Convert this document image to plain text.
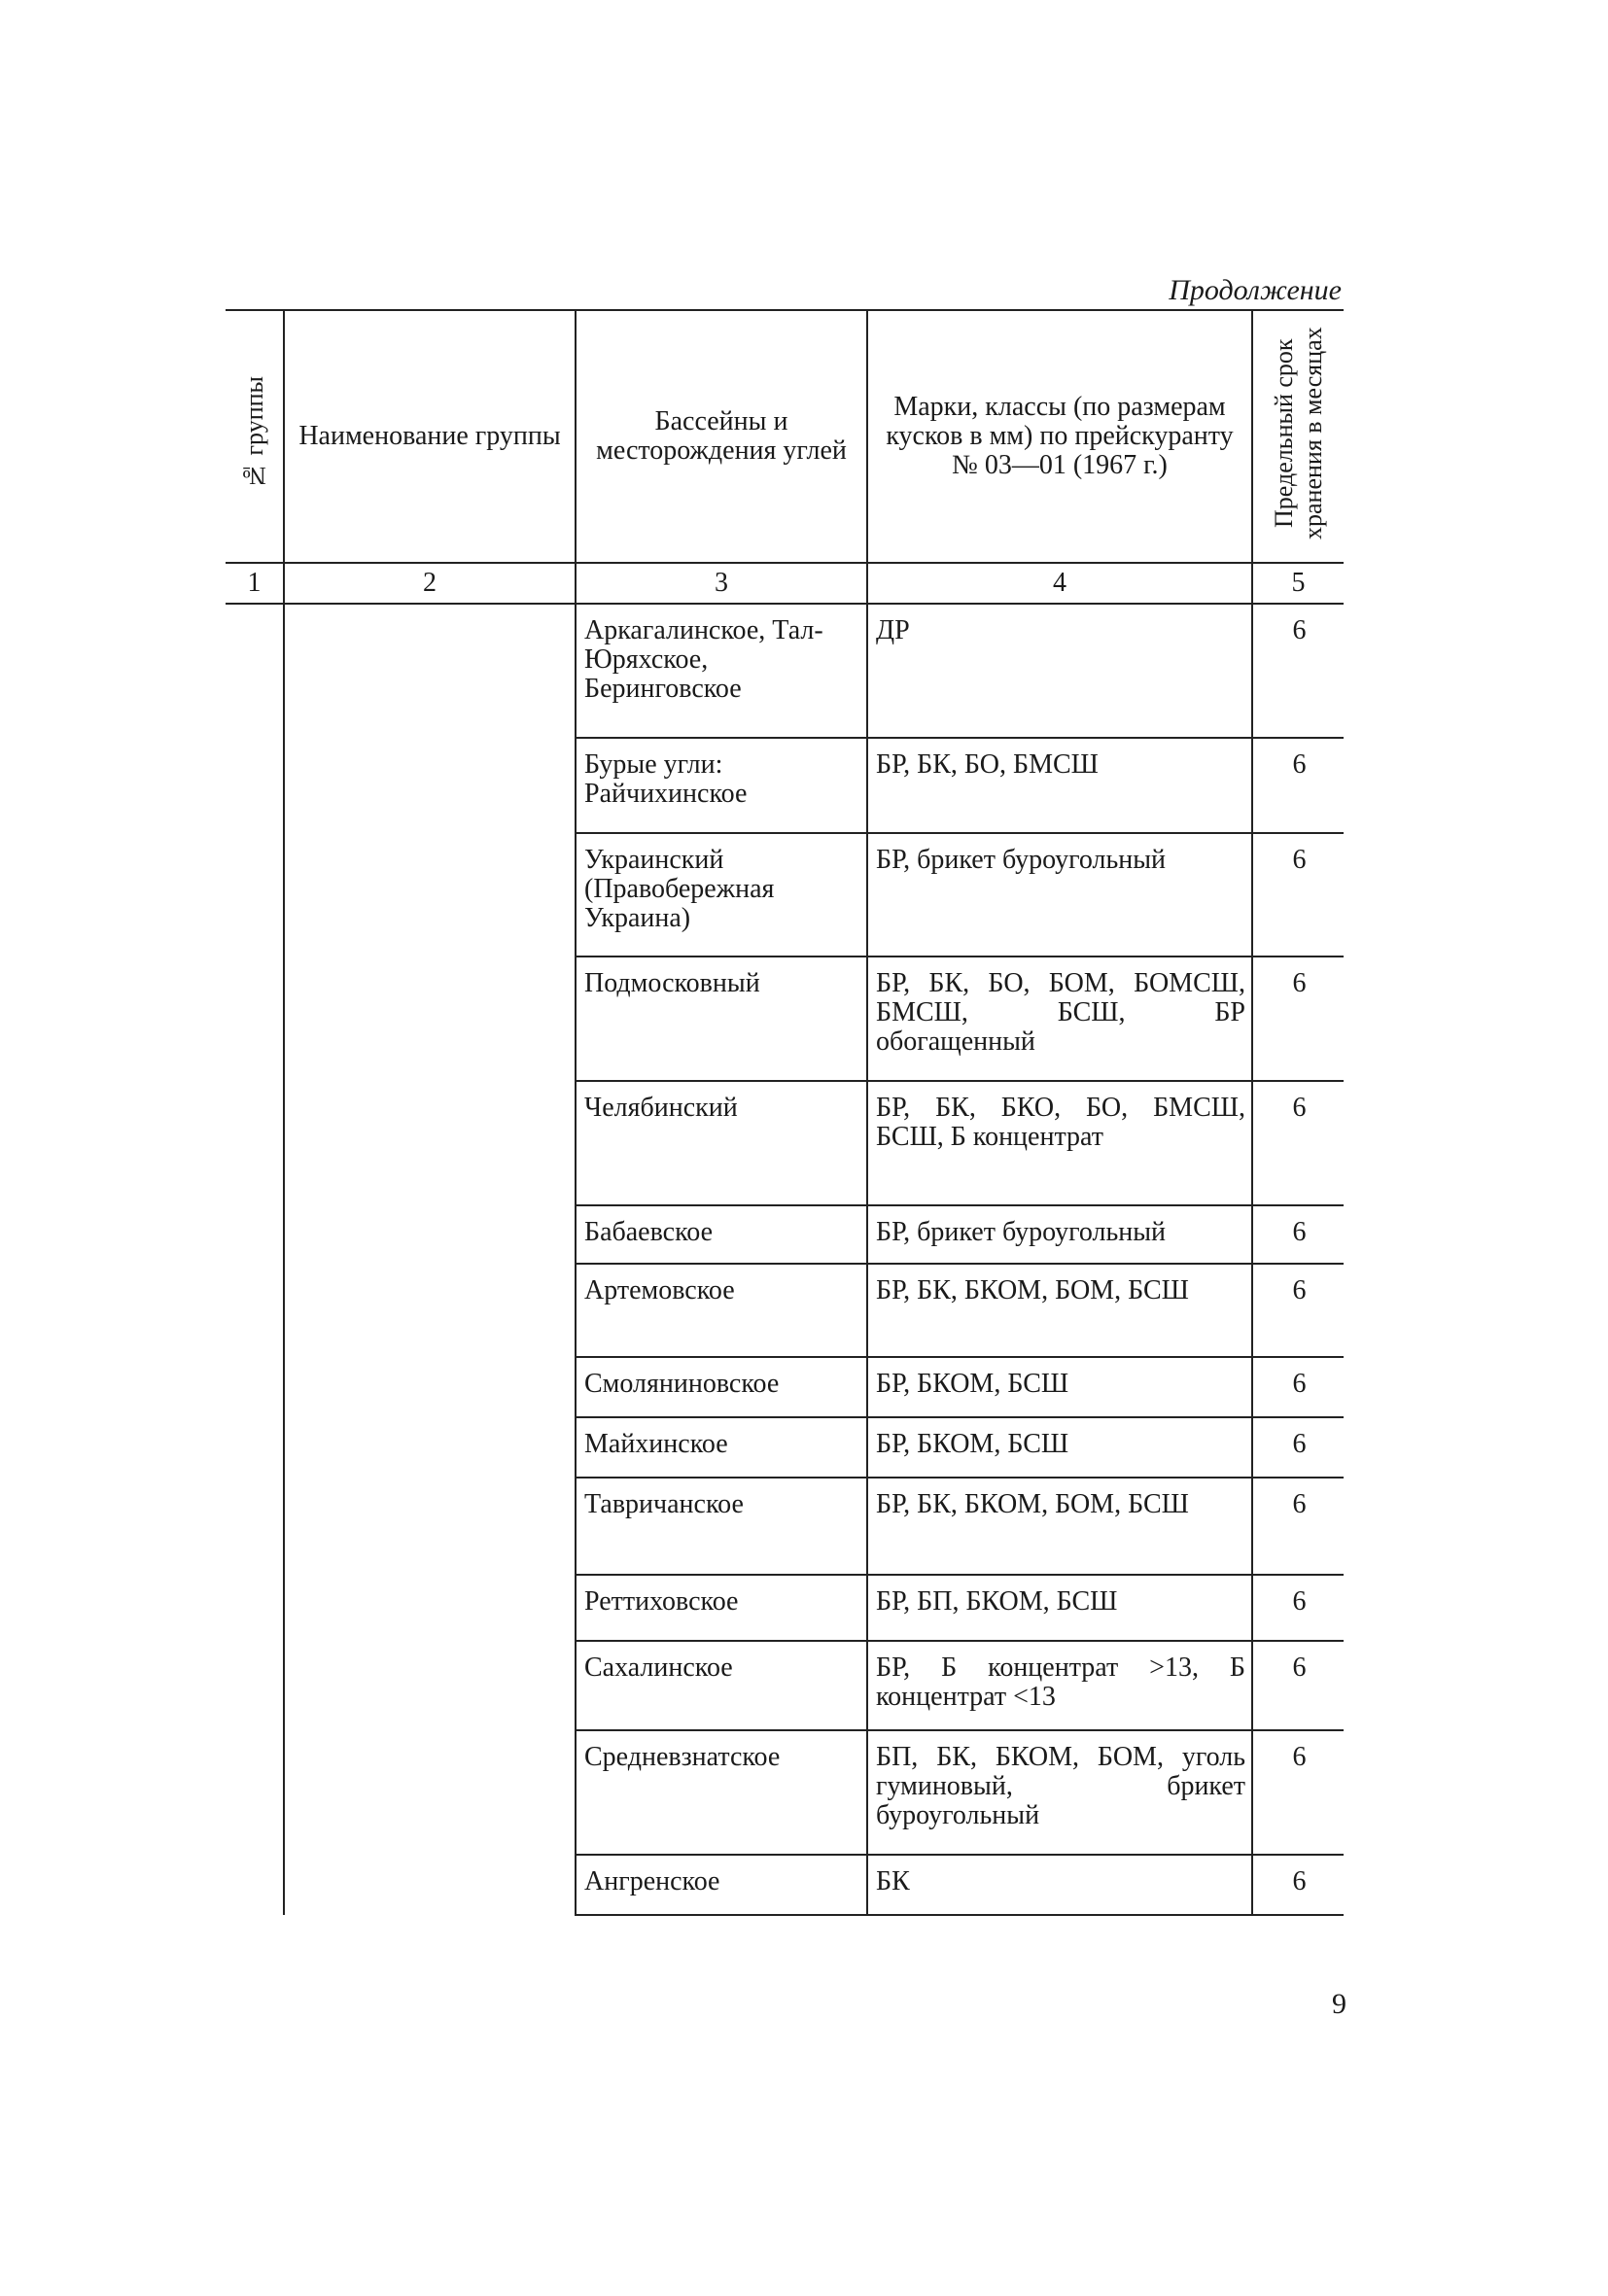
Продолжение
№ группы	Наименование группы	Бассейны и месторождения углей	Марки, классы (по размерам кусков в мм) по прейскуранту № 03—01 (1967 г.)	Предельный срок хранения в месяцах
1	2	3	4	5
		Аркагалинское, Тал-Юряхское, Беринговское	ДР	6
		Бурые угли: Райчихинское	БР, БК, БО, БМСШ	6
		Украинский (Правобережная Украина)	БР, брикет буроугольный	6
		Подмосковный	БР, БК, БО, БОМ, БОМСШ, БМСШ, БСШ, БР обогащенный	6
		Челябинский	БР, БК, БКО, БО, БМСШ, БСШ, Б концентрат	6
		Бабаевское	БР, брикет буроугольный	6
		Артемовское	БР, БК, БКОМ, БОМ, БСШ	6
		Смоляниновское	БР, БКОМ, БСШ	6
		Майхинское	БР, БКОМ, БСШ	6
		Тавричанское	БР, БК, БКОМ, БОМ, БСШ	6
		Реттиховское	БР, БП, БКОМ, БСШ	6
		Сахалинское	БР, Б концентрат >13, Б концентрат <13	6
		Средневзнатское	БП, БК, БКОМ, БОМ, уголь гуминовый, брикет буроугольный	6
		Ангренское	БК	6
9
